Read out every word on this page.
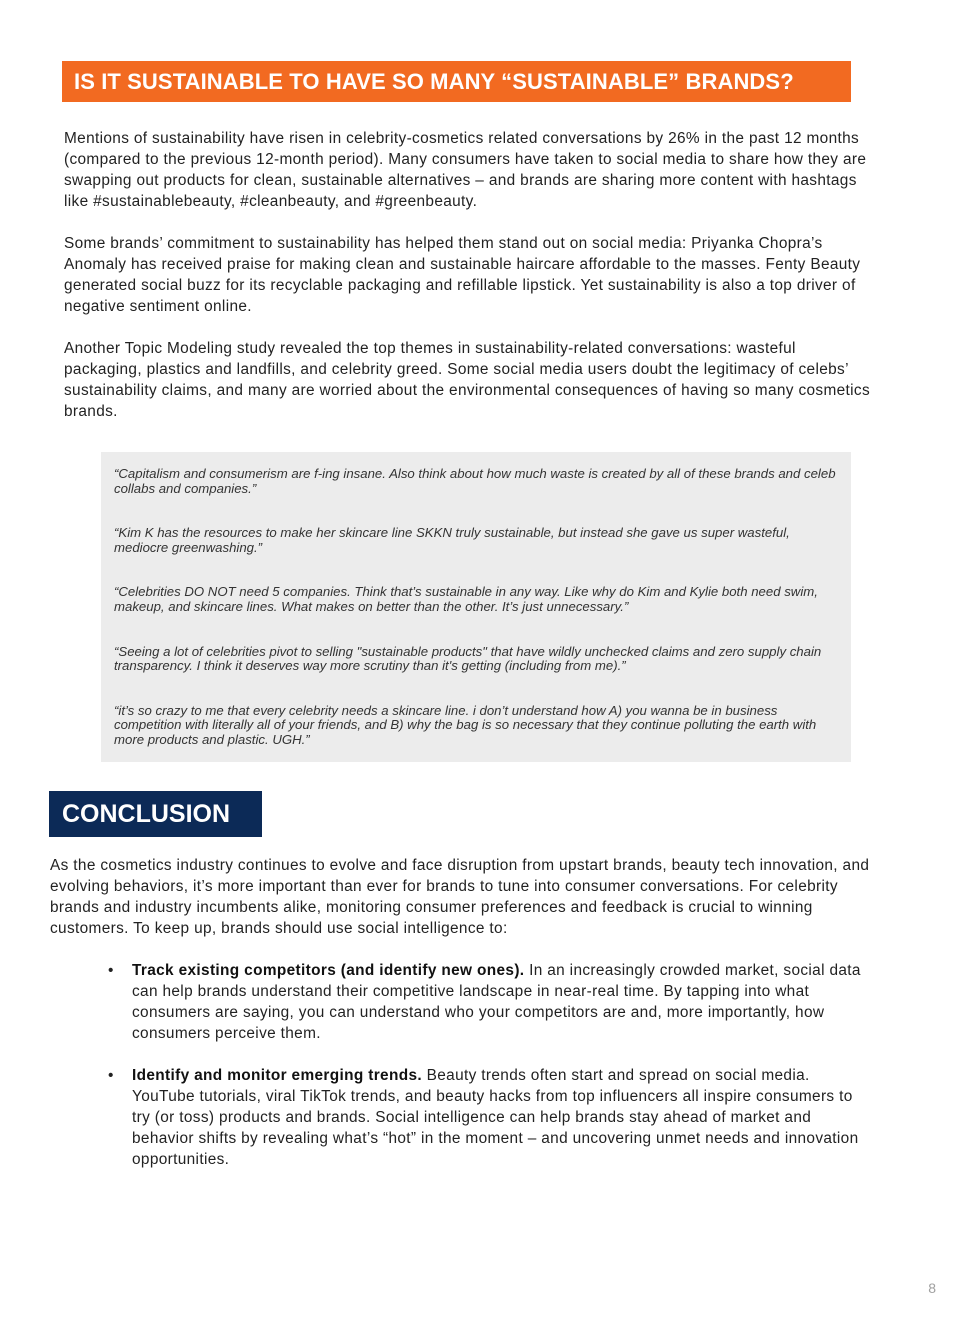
IS IT SUSTAINABLE TO HAVE SO MANY “SUSTAINABLE” BRANDS?

Mentions of sustainability have risen in celebrity-cosmetics related conversations by 26% in the past 12 months (compared to the previous 12-month period). Many consumers have taken to social media to share how they are swapping out products for clean, sustainable alternatives – and brands are sharing more content with hashtags like #sustainablebeauty, #cleanbeauty, and #greenbeauty.

Some brands’ commitment to sustainability has helped them stand out on social media: Priyanka Chopra’s Anomaly has received praise for making clean and sustainable haircare affordable to the masses. Fenty Beauty generated social buzz for its recyclable packaging and refillable lipstick. Yet sustainability is also a top driver of negative sentiment online.

Another Topic Modeling study revealed the top themes in sustainability-related conversations: wasteful packaging, plastics and landfills, and celebrity greed. Some social media users doubt the legitimacy of celebs’ sustainability claims, and many are worried about the environmental consequences of having so many cosmetics brands.

“Capitalism and consumerism are f-ing insane. Also think about how much waste is created by all of these brands and celeb collabs and companies.”

“Kim K has the resources to make her skincare line SKKN truly sustainable, but instead she gave us super wasteful, mediocre greenwashing.”

“Celebrities DO NOT need 5 companies. Think that’s sustainable in any way. Like why do Kim and Kylie both need swim, makeup, and skincare lines. What makes on better than the other. It’s just unnecessary.”

“Seeing a lot of celebrities pivot to selling "sustainable products" that have wildly unchecked claims and zero supply chain transparency. I think it deserves way more scrutiny than it's getting (including from me).”

“it’s so crazy to me that every celebrity needs a skincare line. i don’t understand how A) you wanna be in business competition with literally all of your friends, and B) why the bag is so necessary that they continue polluting the earth with more products and plastic. UGH.”

CONCLUSION

As the cosmetics industry continues to evolve and face disruption from upstart brands, beauty tech innovation, and evolving behaviors, it’s more important than ever for brands to tune into consumer conversations. For celebrity brands and industry incumbents alike, monitoring consumer preferences and feedback is crucial to winning customers. To keep up, brands should use social intelligence to:

• Track existing competitors (and identify new ones). In an increasingly crowded market, social data can help brands understand their competitive landscape in near-real time. By tapping into what consumers are saying, you can understand who your competitors are and, more importantly, how consumers perceive them.
• Identify and monitor emerging trends. Beauty trends often start and spread on social media. YouTube tutorials, viral TikTok trends, and beauty hacks from top influencers all inspire consumers to try (or toss) products and brands. Social intelligence can help brands stay ahead of market and behavior shifts by revealing what’s “hot” in the moment – and uncovering unmet needs and innovation opportunities.
8
